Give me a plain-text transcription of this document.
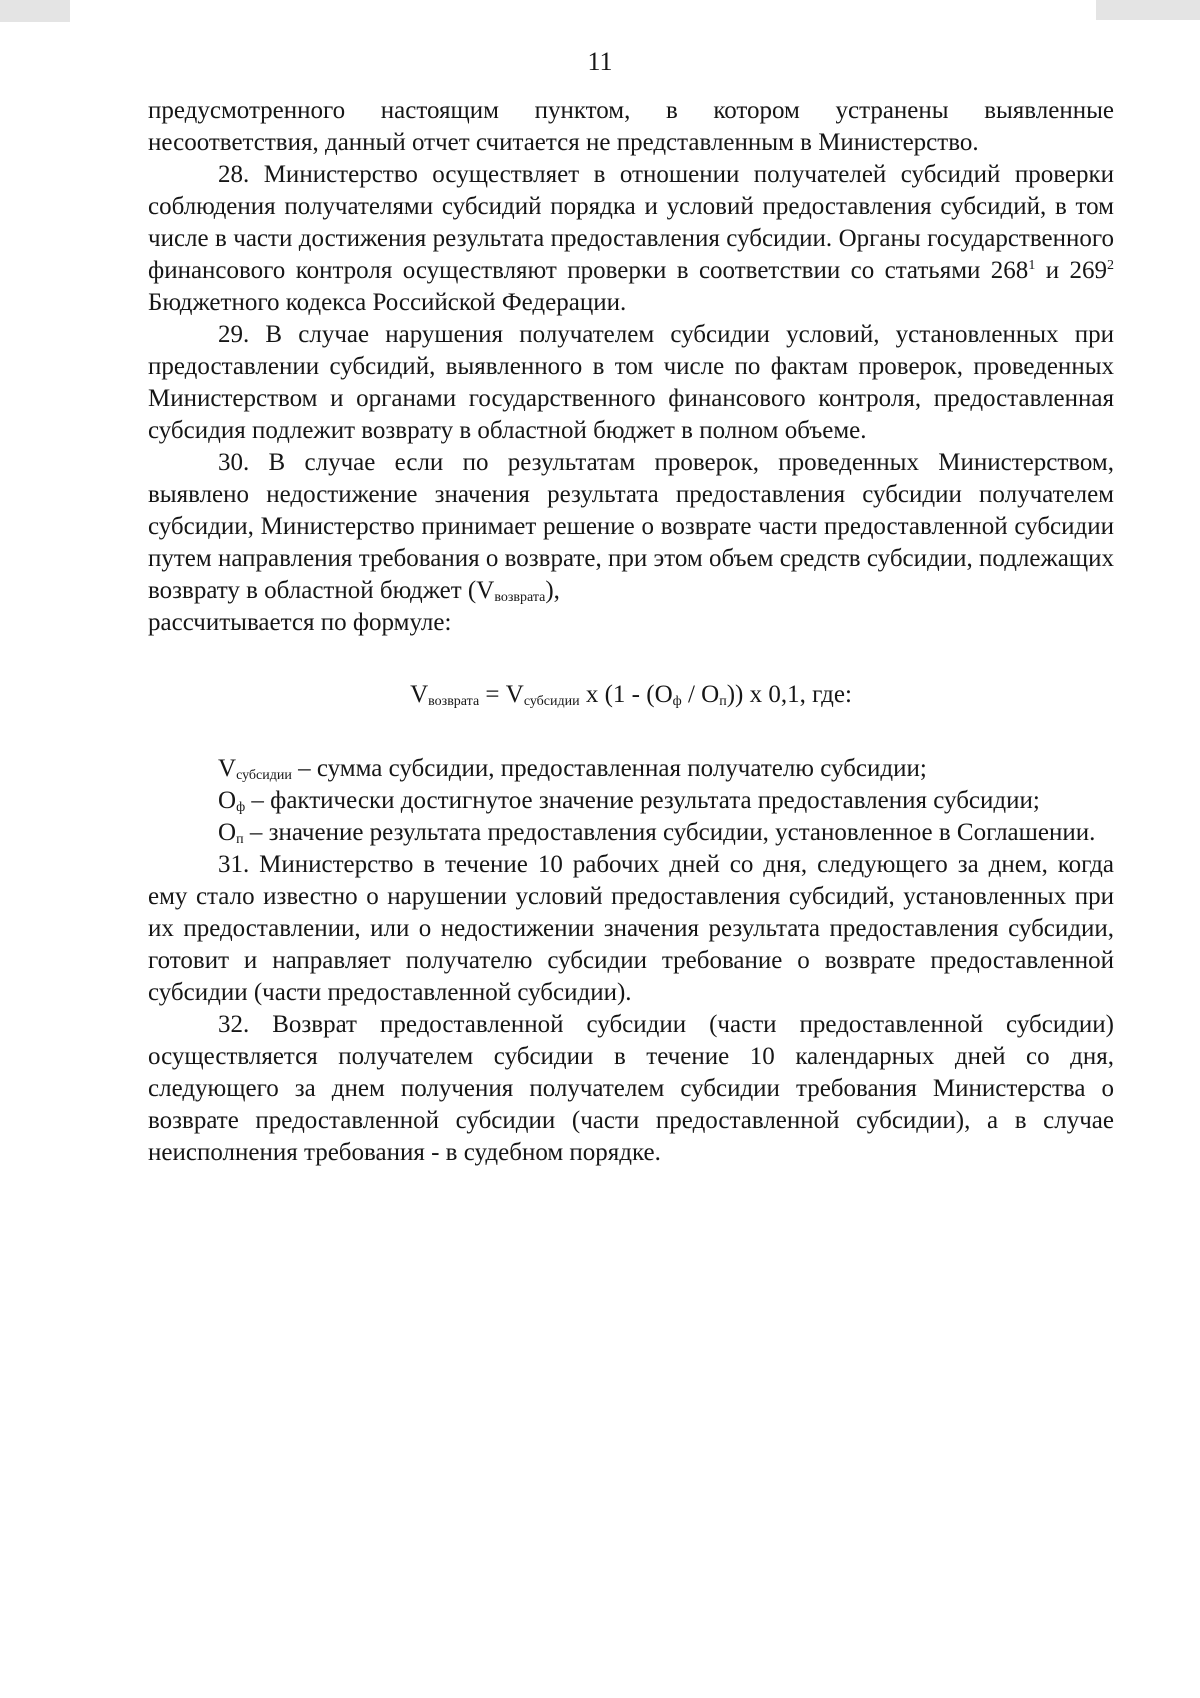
11

предусмотренного настоящим пунктом, в котором устранены выявленные несоответствия, данный отчет считается не представленным в Министерство.

28. Министерство осуществляет в отношении получателей субсидий проверки соблюдения получателями субсидий порядка и условий предоставления субсидий, в том числе в части достижения результата предоставления субсидии. Органы государственного финансового контроля осуществляют проверки в соответствии со статьями $268^1$ и $269^2$ Бюджетного кодекса Российской Федерации.

29. В случае нарушения получателем субсидии условий, установленных при предоставлении субсидий, выявленного в том числе по фактам проверок, проведенных Министерством и органами государственного финансового контроля, предоставленная субсидия подлежит возврату в областной бюджет в полном объеме.

30. В случае если по результатам проверок, проведенных Министерством, выявлено недостижение значения результата предоставления субсидии получателем субсидии, Министерство принимает решение о возврате части предоставленной субсидии путем направления требования о возврате, при этом объем средств субсидии, подлежащих возврату в областной бюджет $(V_{возврата})$,

рассчитывается по формуле:

$V_{возврата} = V_{субсидии}$ x $(1 - (O_ф / O_п))$ x 0,1, где:

$V_{субсидии}$ – сумма субсидии, предоставленная получателю субсидии;

$O_ф$ – фактически достигнутое значение результата предоставления субсидии;

$O_п$ – значение результата предоставления субсидии, установленное в Соглашении.

31. Министерство в течение 10 рабочих дней со дня, следующего за днем, когда ему стало известно о нарушении условий предоставления субсидий, установленных при их предоставлении, или о недостижении значения результата предоставления субсидии, готовит и направляет получателю субсидии требование о возврате предоставленной субсидии (части предоставленной субсидии).

32. Возврат предоставленной субсидии (части предоставленной субсидии) осуществляется получателем субсидии в течение 10 календарных дней со дня, следующего за днем получения получателем субсидии требования Министерства о возврате предоставленной субсидии (части предоставленной субсидии), а в случае неисполнения требования - в судебном порядке.
